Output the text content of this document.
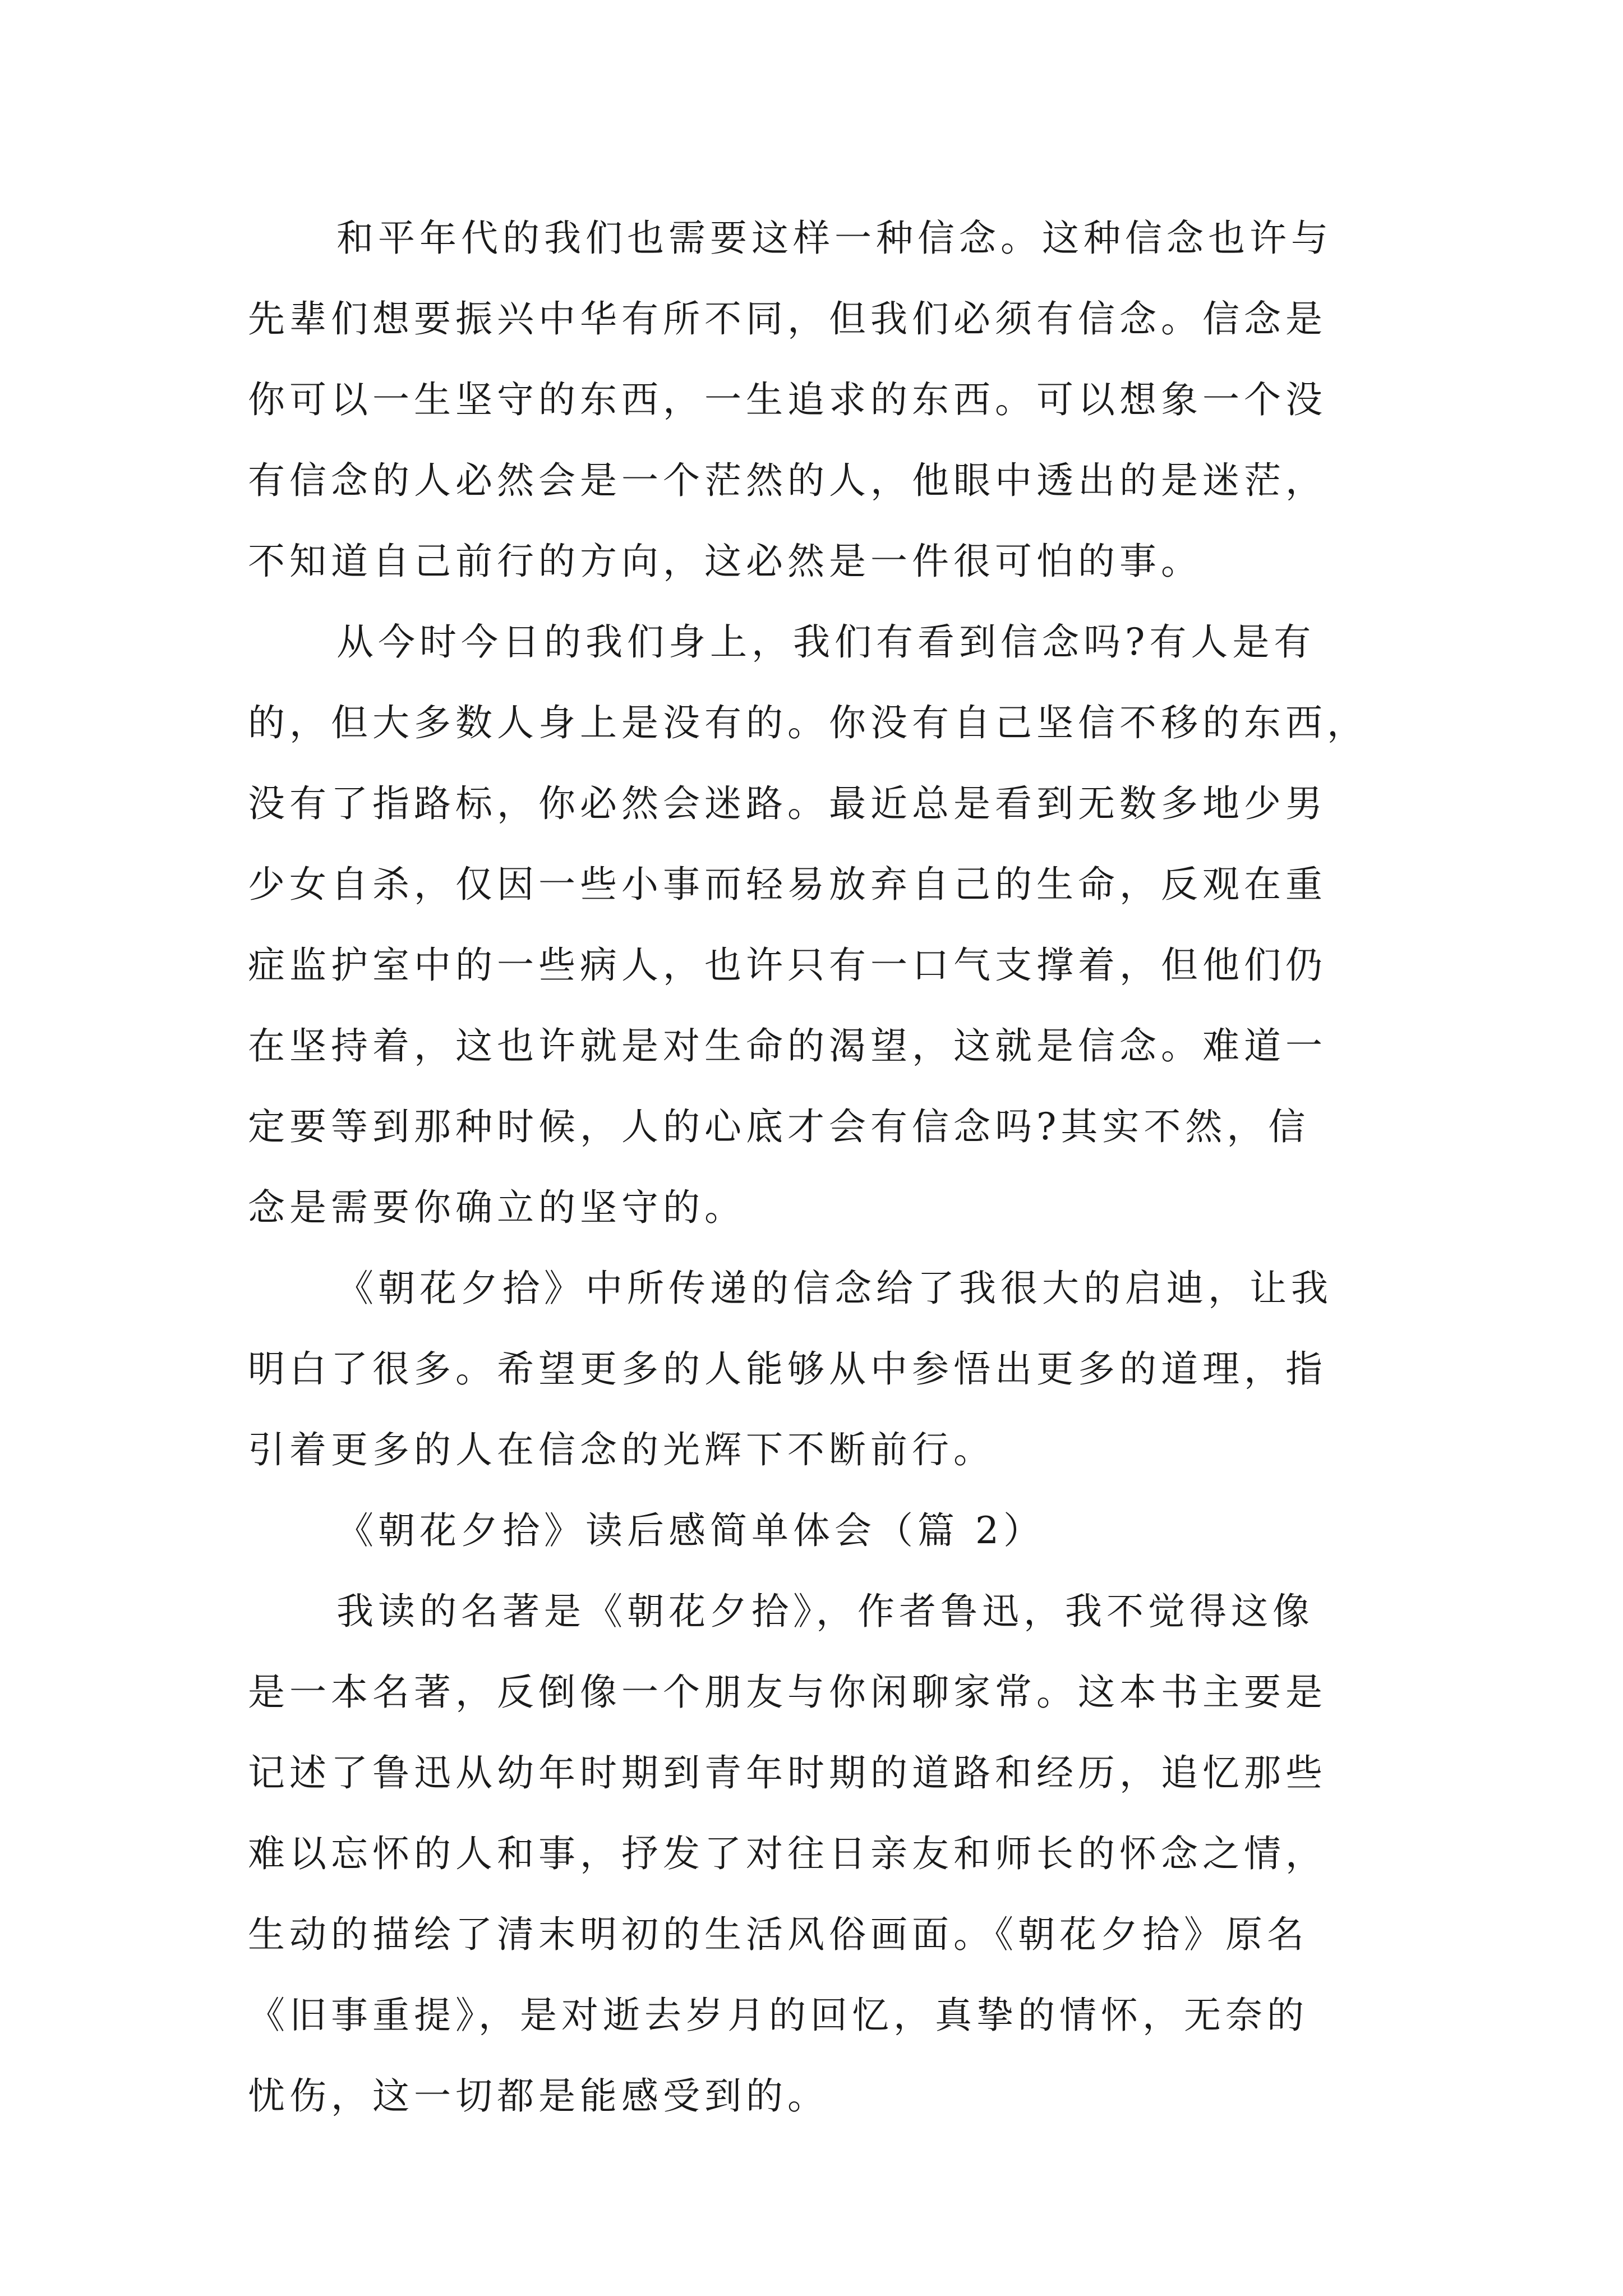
和平年代的我们也需要这样一种信念。这种信念也许与
先辈们想要振兴中华有所不同，但我们必须有信念。信念是
你可以一生坚守的东西，一生追求的东西。可以想象一个没
有信念的人必然会是一个茫然的人，他眼中透出的是迷茫，
不知道自己前行的方向，这必然是一件很可怕的事。
从今时今日的我们身上，我们有看到信念吗?有人是有
的，但大多数人身上是没有的。你没有自己坚信不移的东西，
没有了指路标，你必然会迷路。最近总是看到无数多地少男
少女自杀，仅因一些小事而轻易放弃自己的生命，反观在重
症监护室中的一些病人，也许只有一口气支撑着，但他们仍
在坚持着，这也许就是对生命的渴望，这就是信念。难道一
定要等到那种时候，人的心底才会有信念吗?其实不然，信
念是需要你确立的坚守的。
《朝花夕拾》中所传递的信念给了我很大的启迪，让我
明白了很多。希望更多的人能够从中参悟出更多的道理，指
引着更多的人在信念的光辉下不断前行。
《朝花夕拾》读后感简单体会（篇 2）
我读的名著是《朝花夕拾》，作者鲁迅，我不觉得这像
是一本名著，反倒像一个朋友与你闲聊家常。这本书主要是
记述了鲁迅从幼年时期到青年时期的道路和经历，追忆那些
难以忘怀的人和事，抒发了对往日亲友和师长的怀念之情，
生动的描绘了清末明初的生活风俗画面。《朝花夕拾》原名
《旧事重提》，是对逝去岁月的回忆，真挚的情怀，无奈的
忧伤，这一切都是能感受到的。
